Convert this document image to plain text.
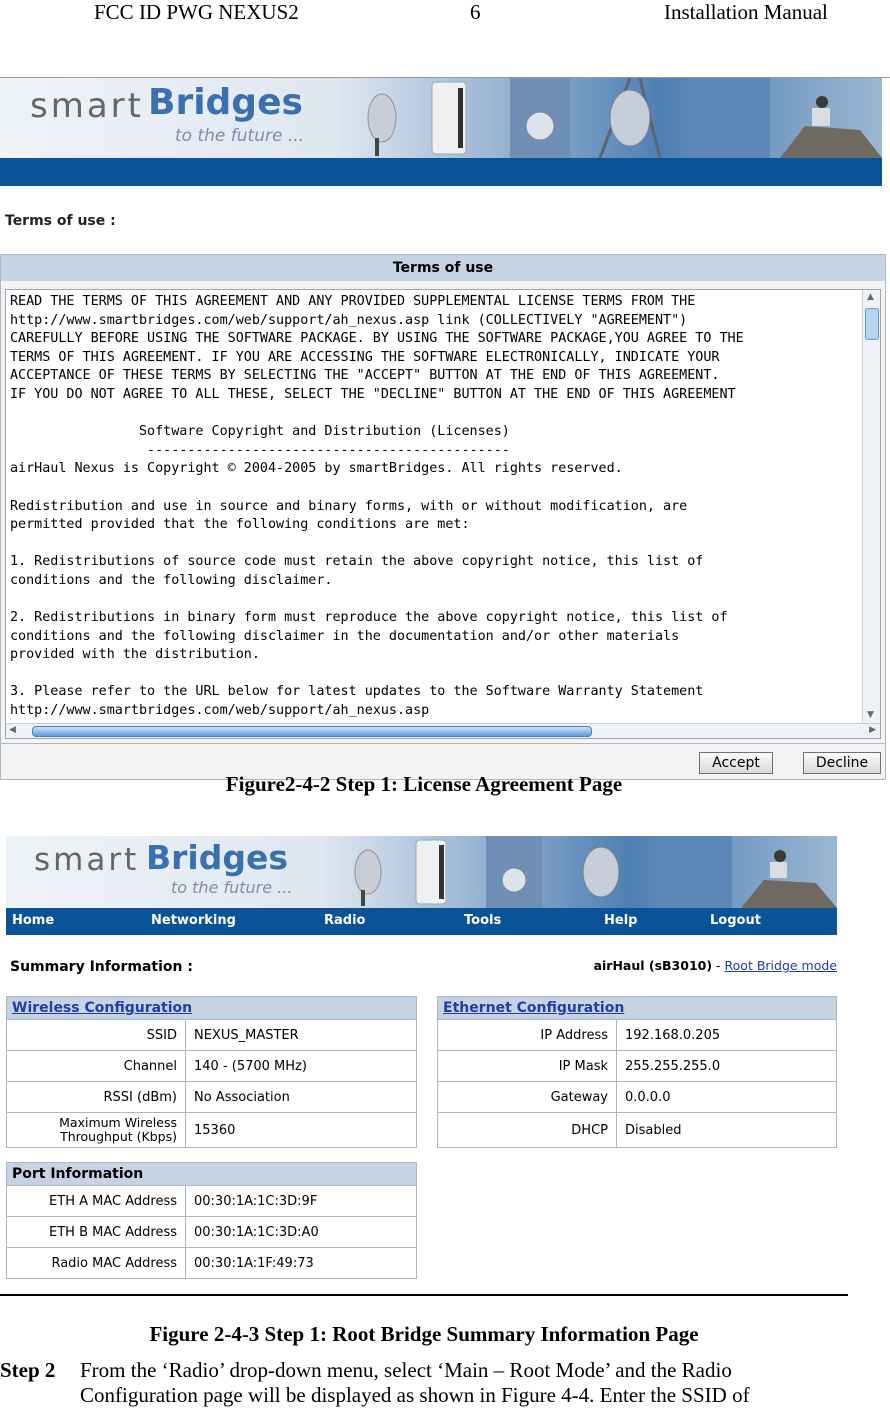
FCC ID PWG NEXUS2	6	Installation Manual
smart Bridges
to the future ...
Terms of use :
Terms of use
READ THE TERMS OF THIS AGREEMENT AND ANY PROVIDED SUPPLEMENTAL LICENSE TERMS FROM THE
http://www.smartbridges.com/web/support/ah_nexus.asp link (COLLECTIVELY "AGREEMENT")
CAREFULLY BEFORE USING THE SOFTWARE PACKAGE. BY USING THE SOFTWARE PACKAGE,YOU AGREE TO THE
TERMS OF THIS AGREEMENT. IF YOU ARE ACCESSING THE SOFTWARE ELECTRONICALLY, INDICATE YOUR
ACCEPTANCE OF THESE TERMS BY SELECTING THE "ACCEPT" BUTTON AT THE END OF THIS AGREEMENT.
IF YOU DO NOT AGREE TO ALL THESE, SELECT THE "DECLINE" BUTTON AT THE END OF THIS AGREEMENT
Software Copyright and Distribution (Licenses)
---------------------------------------------
airHaul Nexus is Copyright © 2004-2005 by smartBridges. All rights reserved.
Redistribution and use in source and binary forms, with or without modification, are
permitted provided that the following conditions are met:
1. Redistributions of source code must retain the above copyright notice, this list of
conditions and the following disclaimer.
2. Redistributions in binary form must reproduce the above copyright notice, this list of
conditions and the following disclaimer in the documentation and/or other materials
provided with the distribution.
3. Please refer to the URL below for latest updates to the Software Warranty Statement
http://www.smartbridges.com/web/support/ah_nexus.asp
▲
▼
◀	▶
Accept	Decline
Figure2-4-2 Step 1: License Agreement Page
smart Bridges
to the future ...
Home	Networking	Radio	Tools	Help	Logout
Summary Information :	airHaul (sB3010) - Root Bridge mode
Wireless Configuration	
SSID	NEXUS_MASTER
Channel	140 - (5700 MHz)
RSSI (dBm)	No Association
Maximum Wireless Throughput (Kbps)	15360
Ethernet Configuration	
IP Address	192.168.0.205
IP Mask	255.255.255.0
Gateway	0.0.0.0
DHCP	Disabled
Port Information	
ETH A MAC Address	00:30:1A:1C:3D:9F
ETH B MAC Address	00:30:1A:1C:3D:A0
Radio MAC Address	00:30:1A:1F:49:73
Figure 2-4-3 Step 1: Root Bridge Summary Information Page
Step 2 From the ‘Radio’ drop-down menu, select ‘Main – Root Mode’ and the Radio
Configuration page will be displayed as shown in Figure 4-4. Enter the SSID of
